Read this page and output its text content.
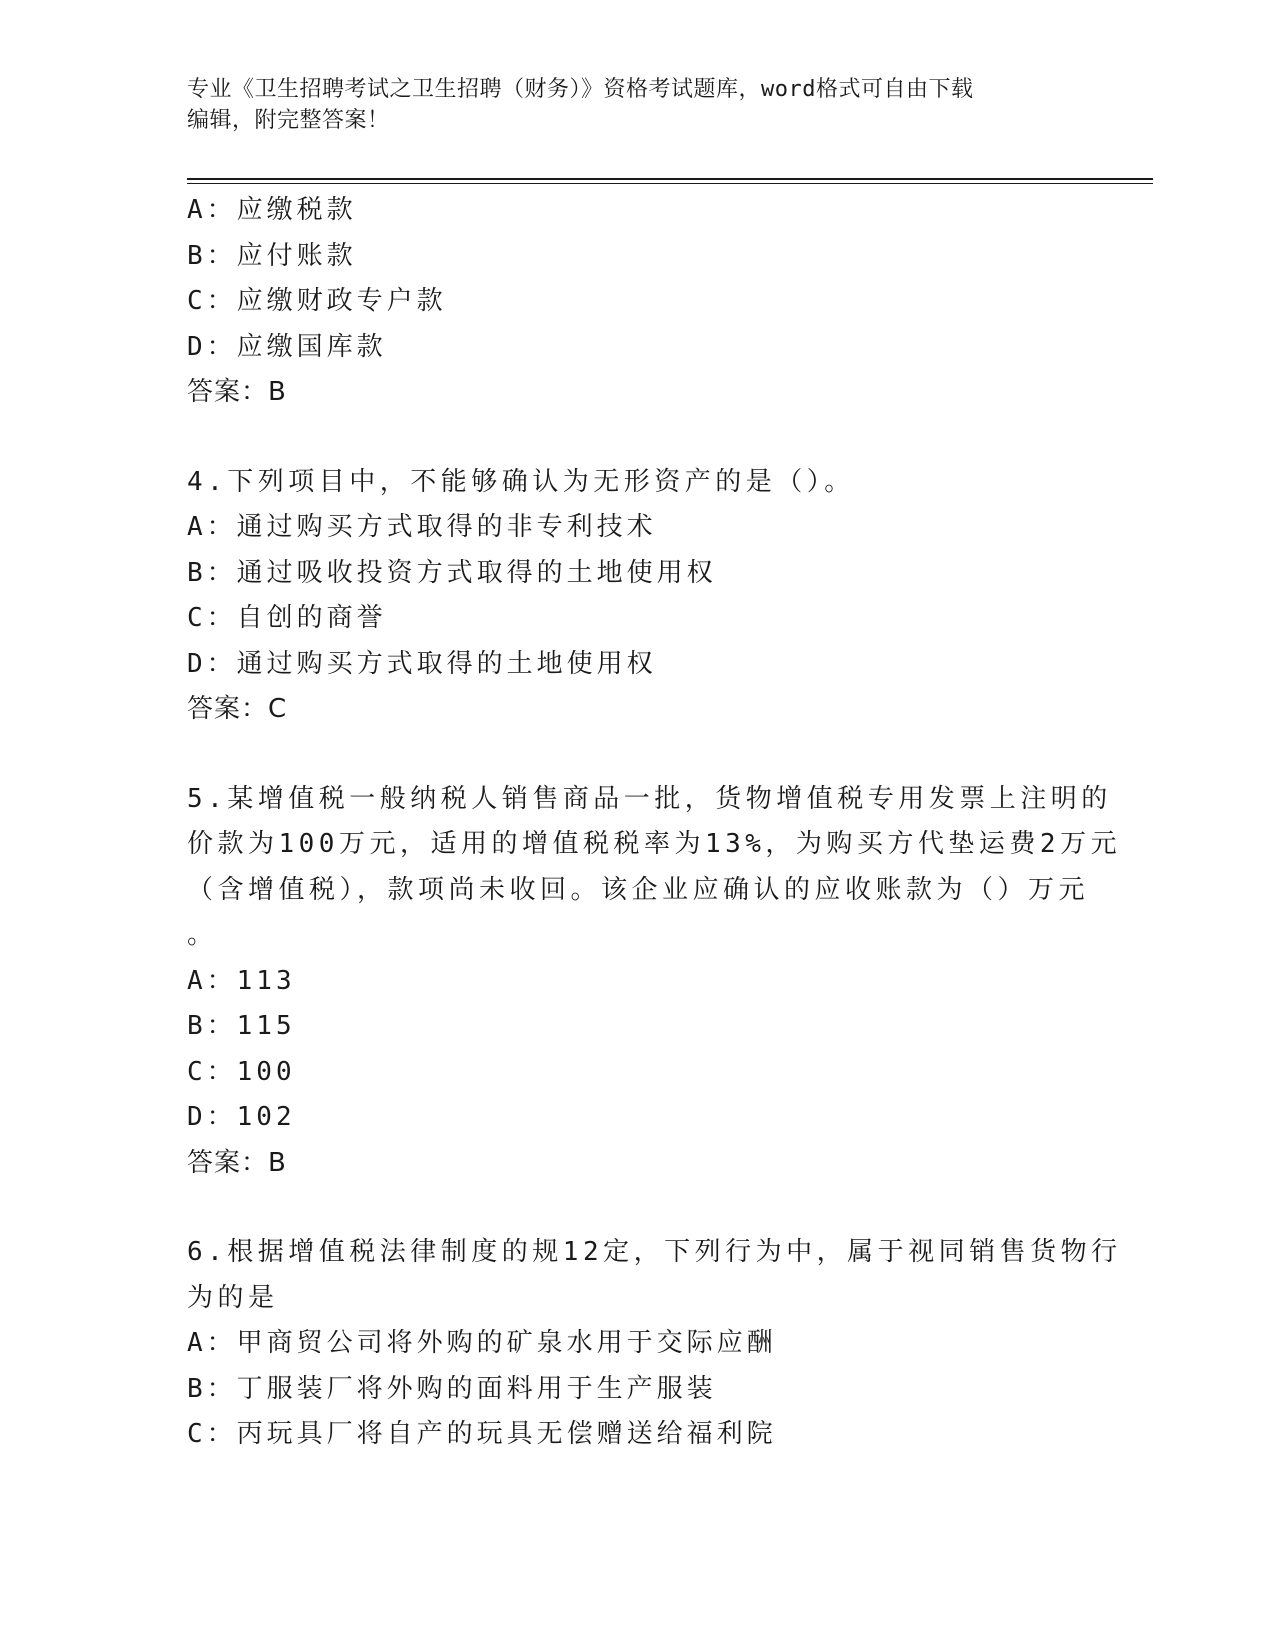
专业《卫生招聘考试之卫生招聘（财务）》资格考试题库，word格式可自由下载
编辑，附完整答案！
A：应缴税款
B：应付账款
C：应缴财政专户款
D：应缴国库款
答案：B
4.下列项目中，不能够确认为无形资产的是（）。
A：通过购买方式取得的非专利技术
B：通过吸收投资方式取得的土地使用权
C：自创的商誉
D：通过购买方式取得的土地使用权
答案：C
5.某增值税一般纳税人销售商品一批，货物增值税专用发票上注明的
价款为100万元，适用的增值税税率为13%，为购买方代垫运费2万元
（含增值税），款项尚未收回。该企业应确认的应收账款为（）万元
。
A：113
B：115
C：100
D：102
答案：B
6.根据增值税法律制度的规12定，下列行为中，属于视同销售货物行
为的是
A：甲商贸公司将外购的矿泉水用于交际应酬
B：丁服装厂将外购的面料用于生产服装
C：丙玩具厂将自产的玩具无偿赠送给福利院
